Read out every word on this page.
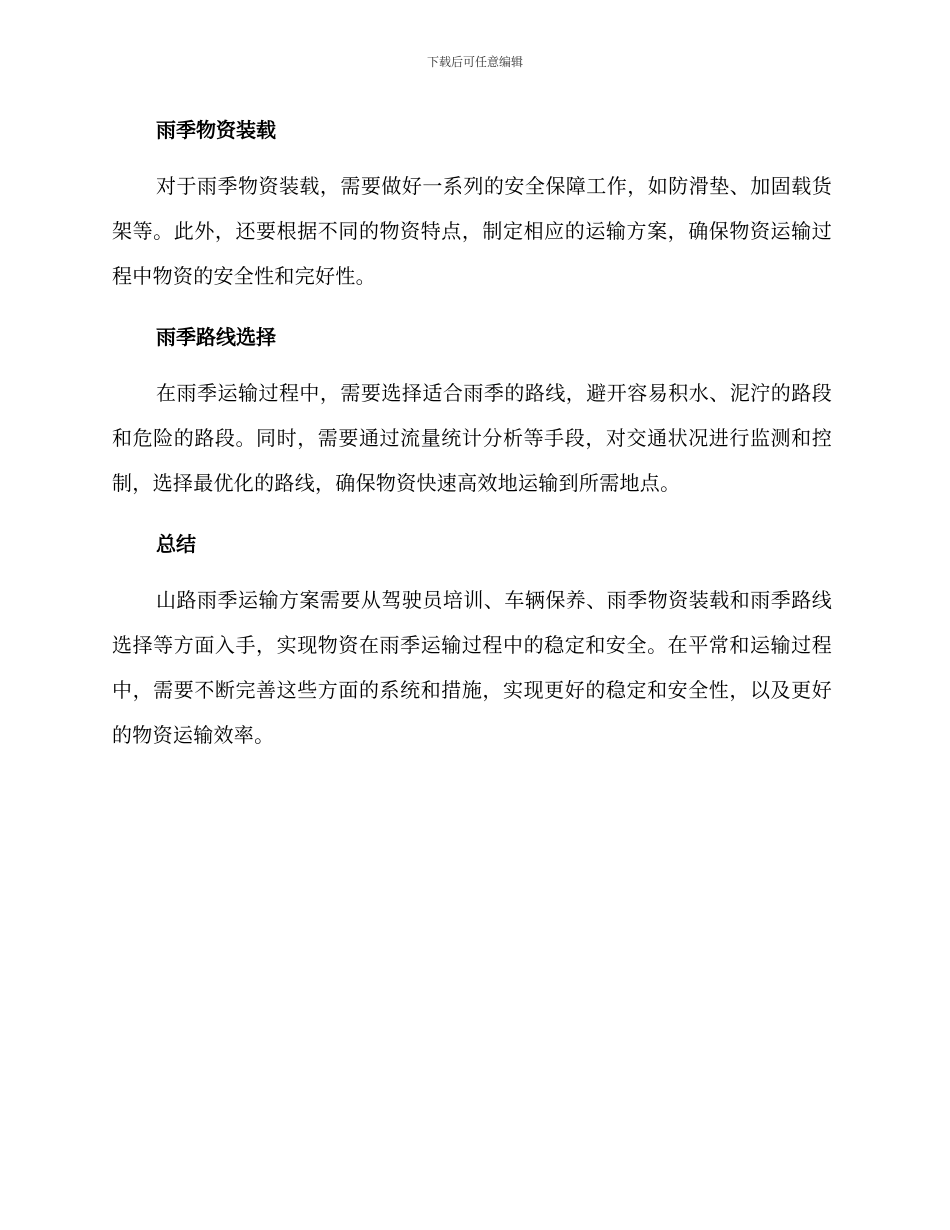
下载后可任意编辑
雨季物资装载

对于雨季物资装载，需要做好一系列的安全保障工作，如防滑垫、加固载货架等。此外，还要根据不同的物资特点，制定相应的运输方案，确保物资运输过程中物资的安全性和完好性。

雨季路线选择

在雨季运输过程中，需要选择适合雨季的路线，避开容易积水、泥泞的路段和危险的路段。同时，需要通过流量统计分析等手段，对交通状况进行监测和控制，选择最优化的路线，确保物资快速高效地运输到所需地点。

总结

山路雨季运输方案需要从驾驶员培训、车辆保养、雨季物资装载和雨季路线选择等方面入手，实现物资在雨季运输过程中的稳定和安全。在平常和运输过程中，需要不断完善这些方面的系统和措施，实现更好的稳定和安全性，以及更好的物资运输效率。
